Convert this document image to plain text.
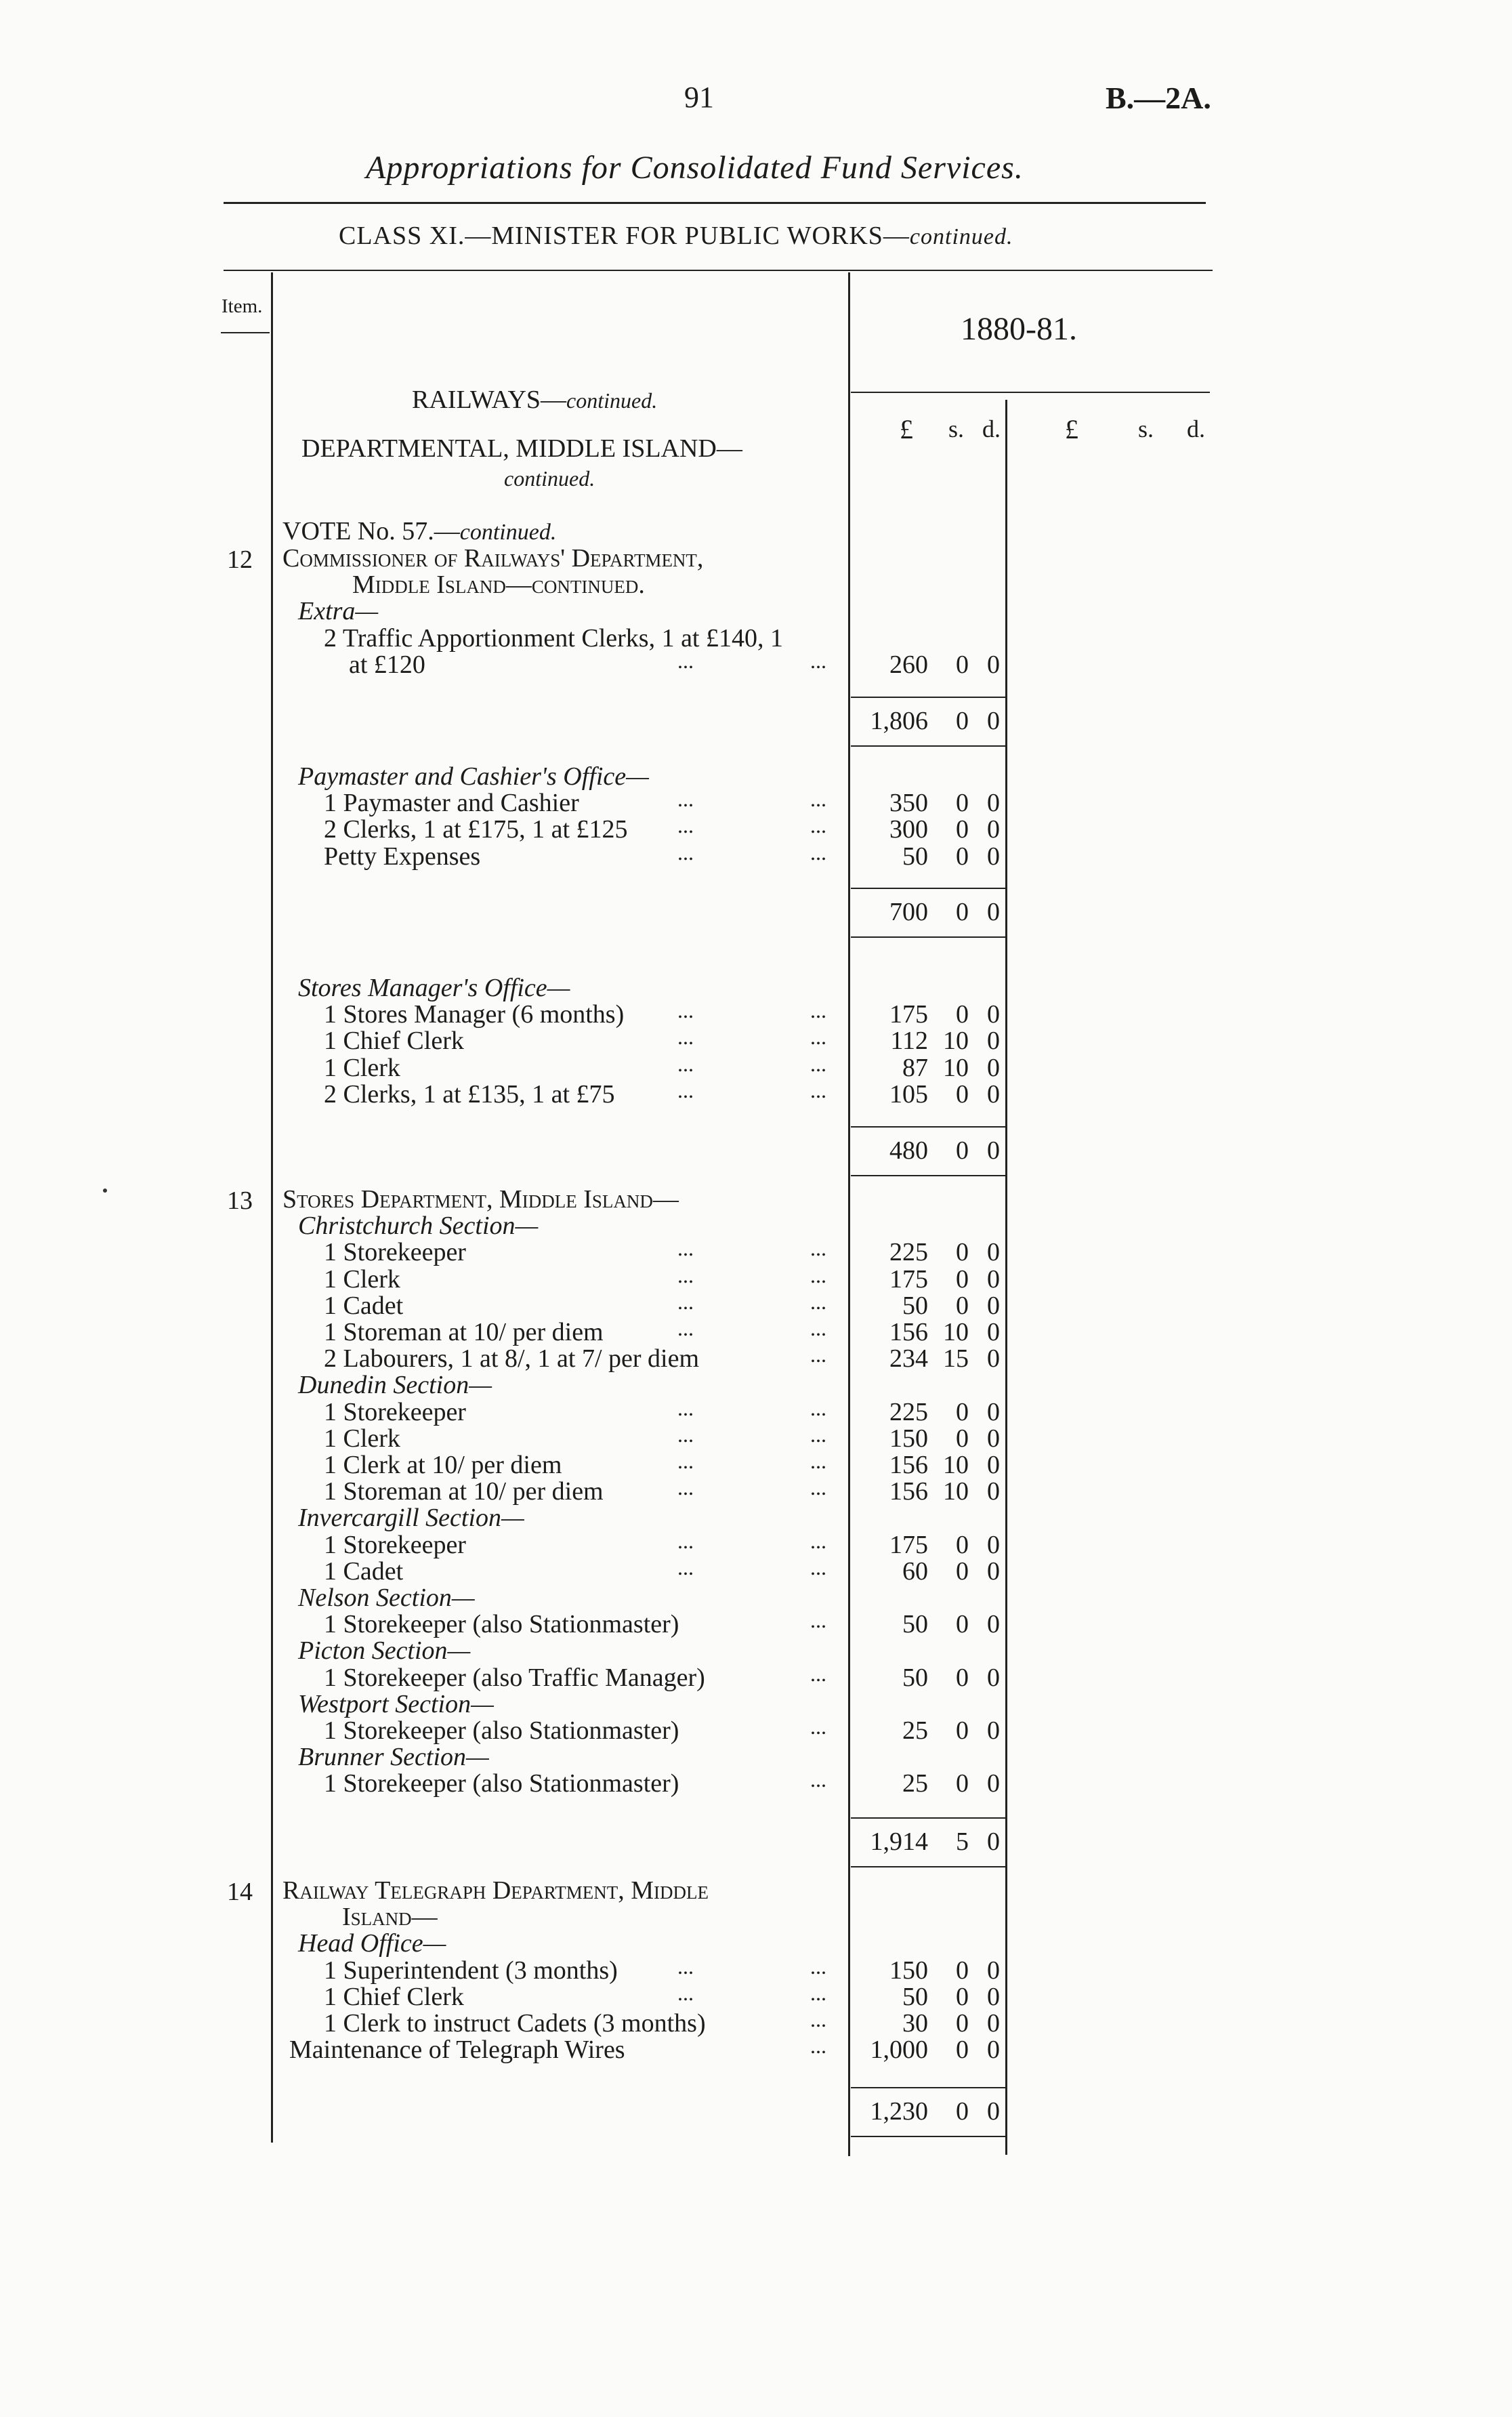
91	B.—2A.
Appropriations for Consolidated Fund Services.
CLASS XI.—MINISTER FOR PUBLIC WORKS—continued.
Item.
1880-81.
£ s. d. £ s. d.
RAILWAYS—continued.
DEPARTMENTAL, MIDDLE ISLAND—
continued.
VOTE No. 57.—continued.
12 Commissioner of Railways' Department,
Middle Island—continued.
Extra—
2 Traffic Apportionment Clerks, 1 at £140, 1
at £120	...	...	260	0 0
1,806	0 0
Paymaster and Cashier's Office—
1 Paymaster and Cashier	...	...	350	0 0
2 Clerks, 1 at £175, 1 at £125 ...	...	300	0 0
Petty Expenses	...	...	50	0 0
700	0 0
Stores Manager's Office—
1 Stores Manager (6 months) ...	...	175	0 0
1 Chief Clerk	...	...	112 10 0
1 Clerk	...	...	87 10 0
2 Clerks, 1 at £135, 1 at £75	...	...	105	0 0
480	0 0
13 Stores Department, Middle Island—
Christchurch Section—
1 Storekeeper	...	...	225	0 0
1 Clerk	...	...	175	0 0
1 Cadet	...	...	50	0 0
1 Storeman at 10/ per diem	...	...	156 10 0
2 Labourers, 1 at 8/, 1 at 7/ per diem	...	234 15 0
Dunedin Section—
1 Storekeeper	...	...	225	0 0
1 Clerk	...	...	150	0 0
1 Clerk at 10/ per diem	...	...	156 10 0
1 Storeman at 10/ per diem	...	...	156 10 0
Invercargill Section—
1 Storekeeper	...	...	175	0 0
1 Cadet	...	...	60	0 0
Nelson Section—
1 Storekeeper (also Stationmaster)	...	50	0 0
Picton Section—
1 Storekeeper (also Traffic Manager)	...	50	0 0
Westport Section—
1 Storekeeper (also Stationmaster)	...	25	0 0
Brunner Section—
1 Storekeeper (also Stationmaster)	...	25	0 0
1,914	5 0
14 Railway Telegraph Department, Middle
Island—
Head Office—
1 Superintendent (3 months)	...	...	150	0 0
1 Chief Clerk	...	...	50	0 0
1 Clerk to instruct Cadets (3 months)	...	30	0 0
Maintenance of Telegraph Wires	...	1,000	0 0
1,230	0 0
